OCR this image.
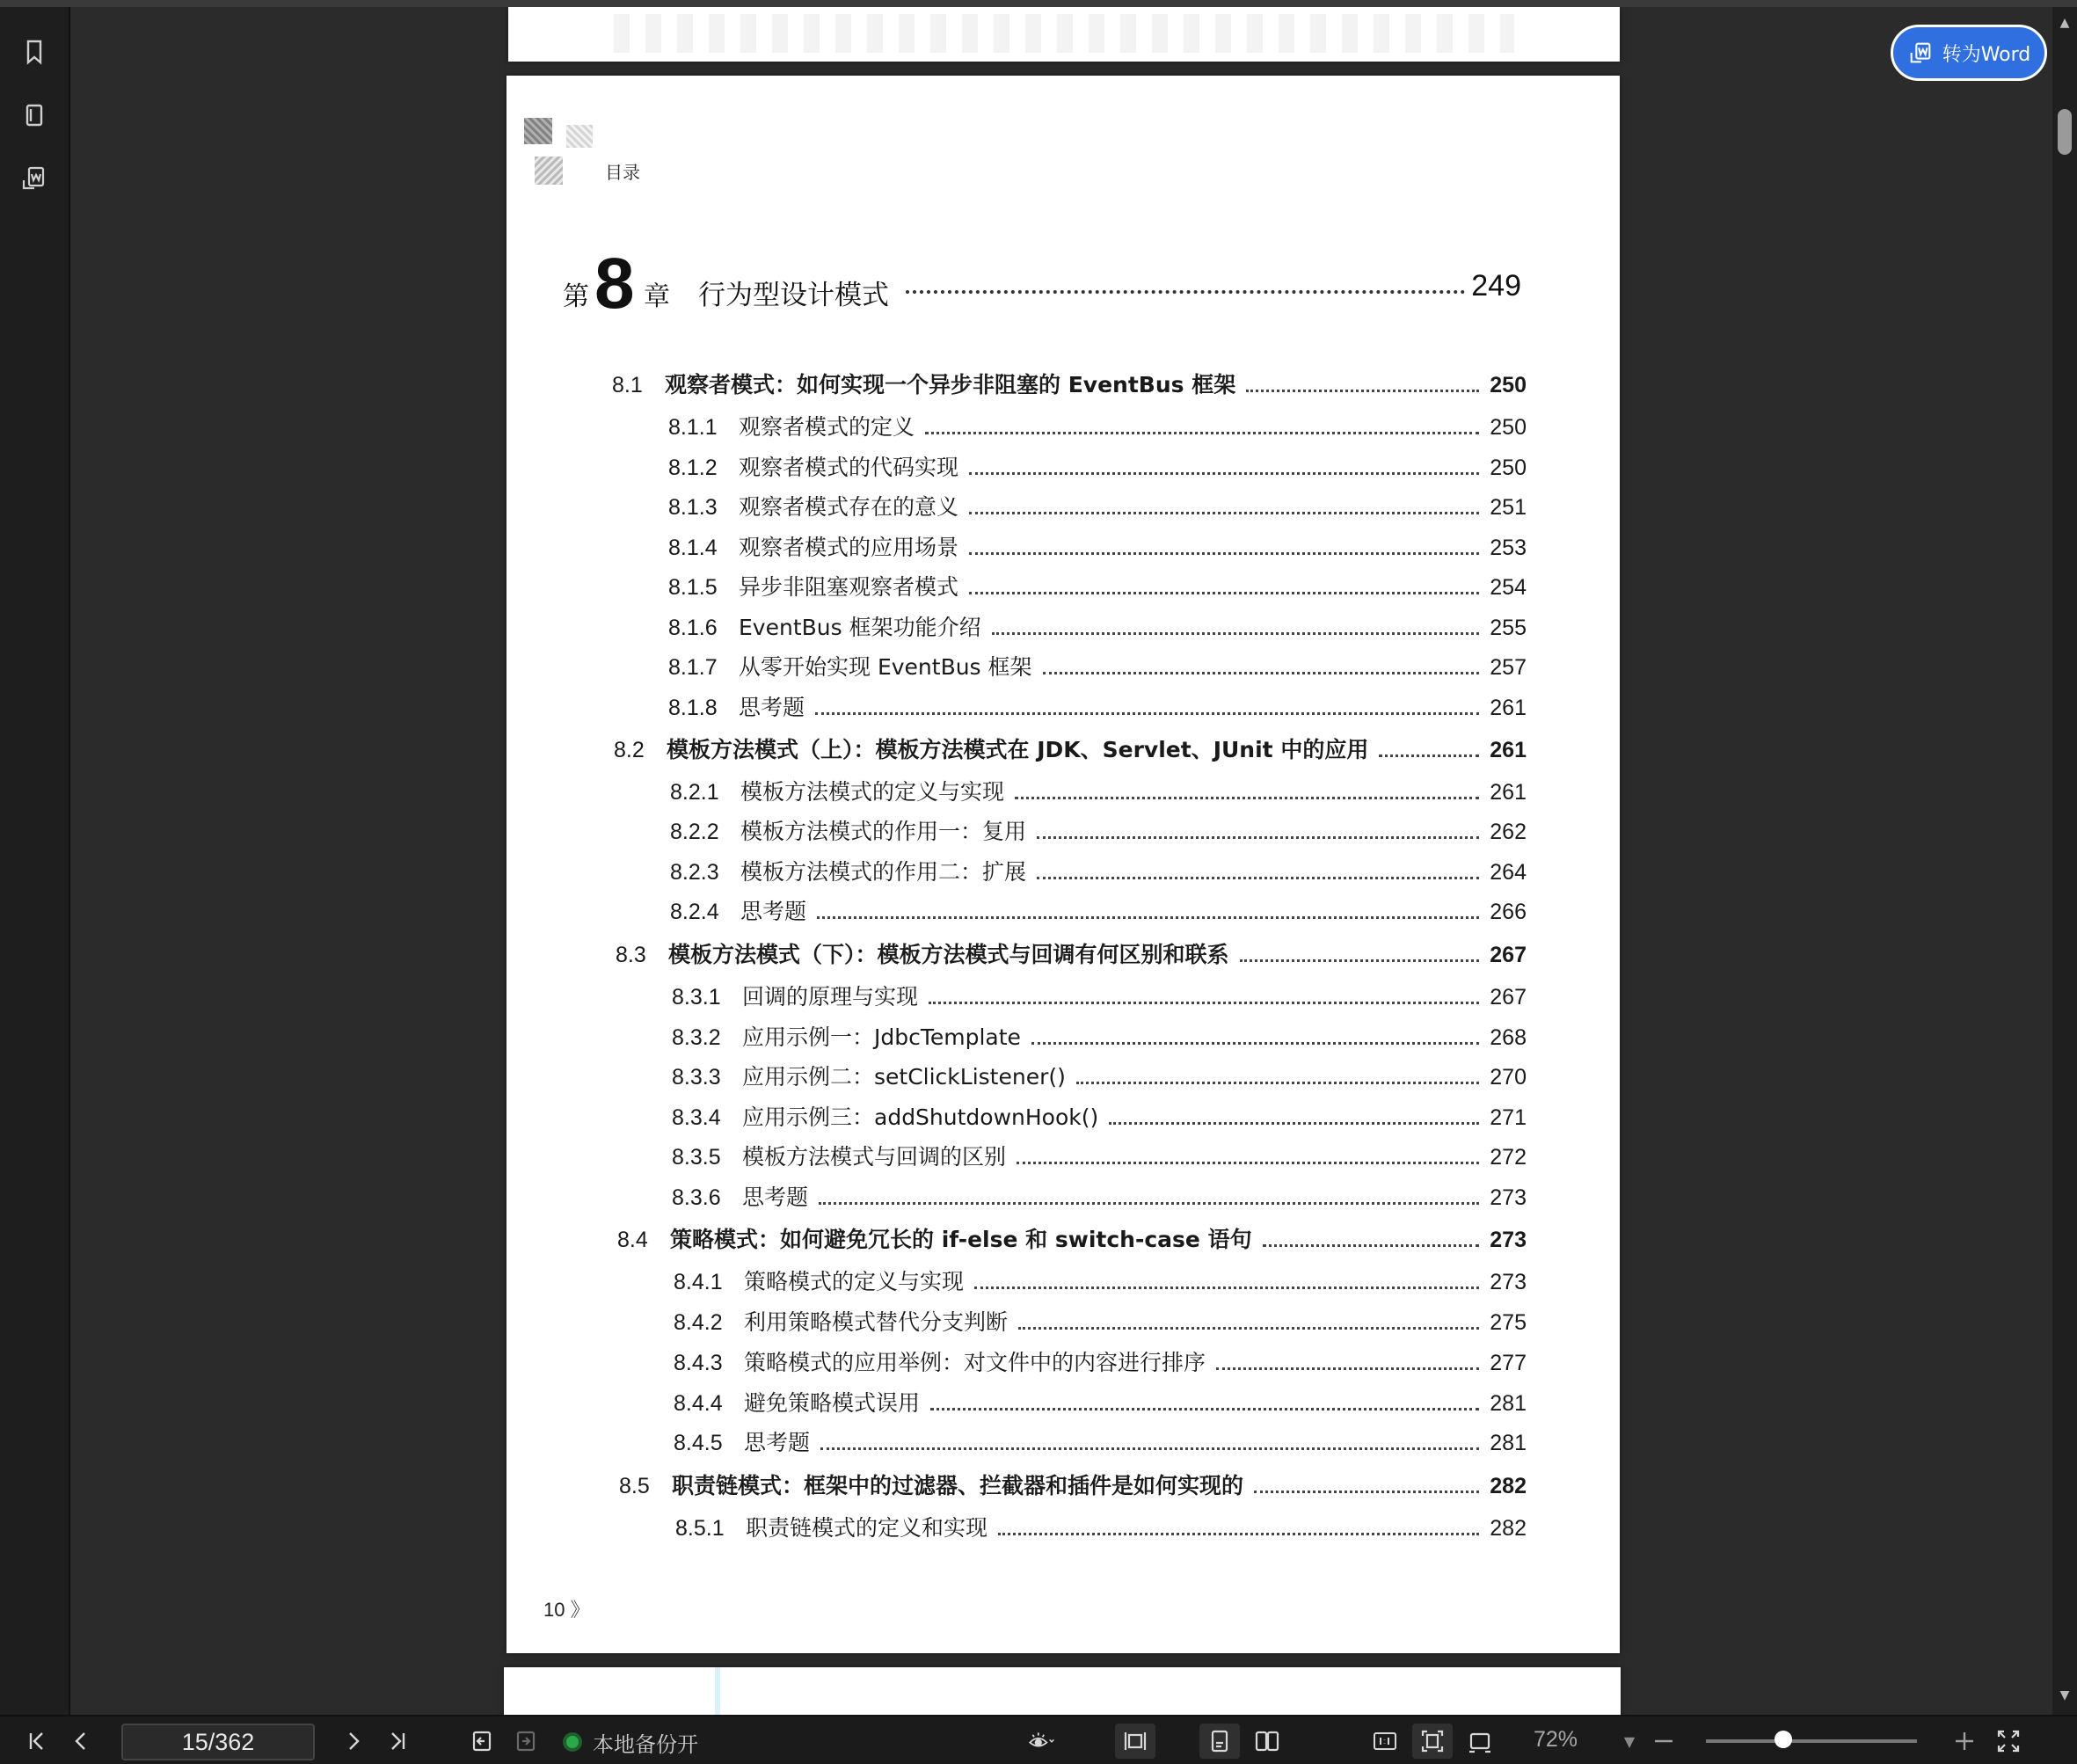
目录
第 8 章 行为型设计模式	249
8.1	观察者模式：如何实现一个异步非阻塞的 EventBus 框架	250
8.1.1 观察者模式的定义	250
8.1.2 观察者模式的代码实现	250
8.1.3 观察者模式存在的意义	251
8.1.4 观察者模式的应用场景	253
8.1.5 异步非阻塞观察者模式	254
8.1.6 EventBus 框架功能介绍	255
8.1.7 从零开始实现 EventBus 框架	257
8.1.8 思考题	261
8.2	模板方法模式（上）：模板方法模式在 JDK、Servlet、JUnit 中的应用	261
8.2.1 模板方法模式的定义与实现	261
8.2.2 模板方法模式的作用一：复用	262
8.2.3 模板方法模式的作用二：扩展	264
8.2.4 思考题	266
8.3	模板方法模式（下）：模板方法模式与回调有何区别和联系	267
8.3.1 回调的原理与实现	267
8.3.2 应用示例一：JdbcTemplate	268
8.3.3 应用示例二：setClickListener()	270
8.3.4 应用示例三：addShutdownHook()	271
8.3.5 模板方法模式与回调的区别	272
8.3.6 思考题	273
8.4	策略模式：如何避免冗长的 if-else 和 switch-case 语句	273
8.4.1 策略模式的定义与实现	273
8.4.2 利用策略模式替代分支判断	275
8.4.3 策略模式的应用举例：对文件中的内容进行排序	277
8.4.4 避免策略模式误用	281
8.4.5 思考题	281
8.5	职责链模式：框架中的过滤器、拦截器和插件是如何实现的	282
8.5.1 职责链模式的定义和实现	282
10 》
转为Word
▲
▼
15/362	本地备份开	72%	▼
